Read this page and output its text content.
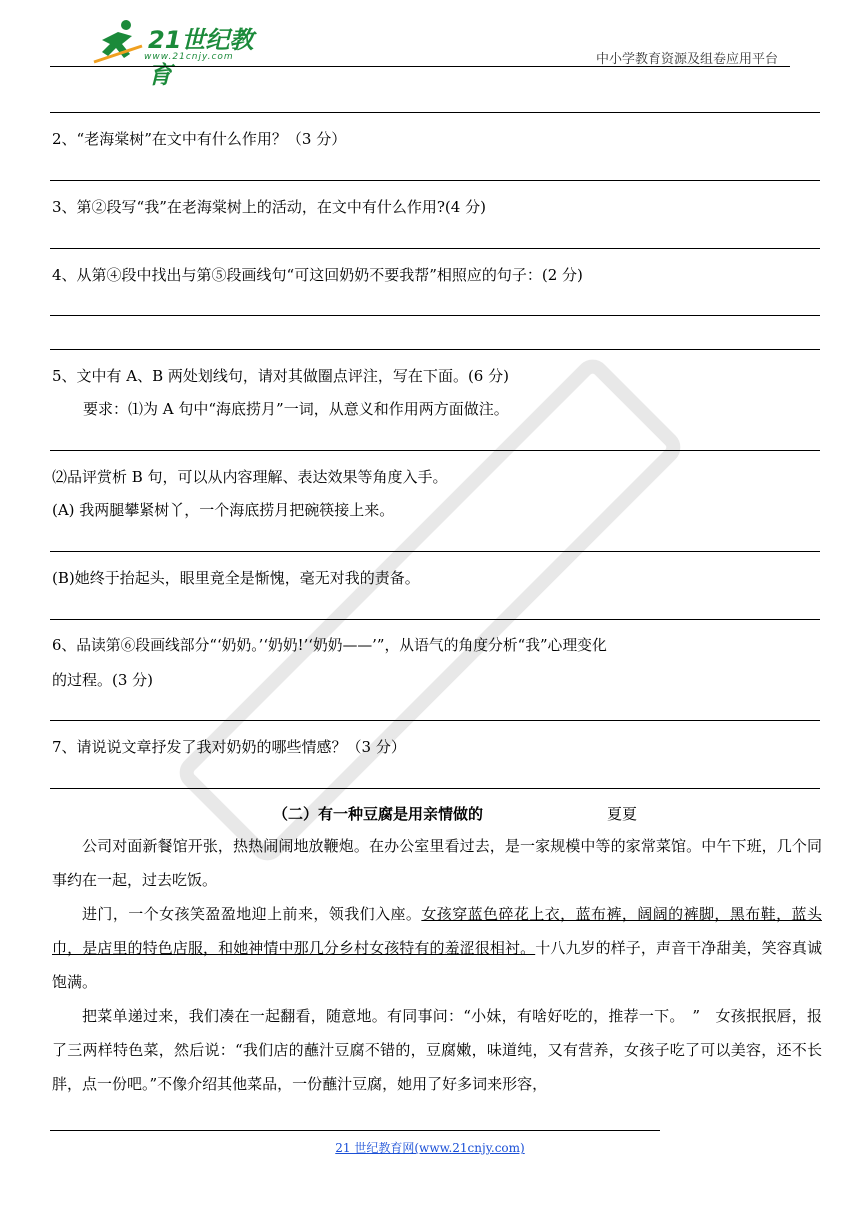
21世纪教育
www.21cnjy.com	中小学教育资源及组卷应用平台
2、“老海棠树”在文中有什么作用？（3 分）
3、第②段写“我”在老海棠树上的活动，在文中有什么作用?(4 分)
4、从第④段中找出与第⑤段画线句“可这回奶奶不要我帮”相照应的句子：(2 分)
5、文中有 A、B 两处划线句，请对其做圈点评注，写在下面。(6 分)
要求：⑴为 A 句中“海底捞月”一词，从意义和作用两方面做注。
⑵品评赏析 B 句，可以从内容理解、表达效果等角度入手。
(A) 我两腿攀紧树丫，一个海底捞月把碗筷接上来。
(B)她终于抬起头，眼里竟全是惭愧，毫无对我的责备。
6、品读第⑥段画线部分“‘奶奶。’‘奶奶!’‘奶奶——’”，从语气的角度分析“我”心理变化
的过程。(3 分)
7、请说说文章抒发了我对奶奶的哪些情感？（3 分）
（二）有一种豆腐是用亲情做的	夏夏
公司对面新餐馆开张，热热闹闹地放鞭炮。在办公室里看过去，是一家规模中等的家常菜馆。中午下班，几个同事约在一起，过去吃饭。
进门，一个女孩笑盈盈地迎上前来，领我们入座。女孩穿蓝色碎花上衣，蓝布裤，阔阔的裤脚，黑布鞋，蓝头巾，是店里的特色店服，和她神情中那几分乡村女孩特有的羞涩很相衬。十八九岁的样子，声音干净甜美，笑容真诚饱满。
把菜单递过来，我们凑在一起翻看，随意地。有同事问：“小妹，有啥好吃的，推荐一下。　”　女孩抿抿唇，报了三两样特色菜，然后说：“我们店的蘸汁豆腐不错的，豆腐嫩，味道纯，又有营养，女孩子吃了可以美容，还不长胖，点一份吧。”不像介绍其他菜品，一份蘸汁豆腐，她用了好多词来形容，
21 世纪教育网(www.21cnjy.com)
